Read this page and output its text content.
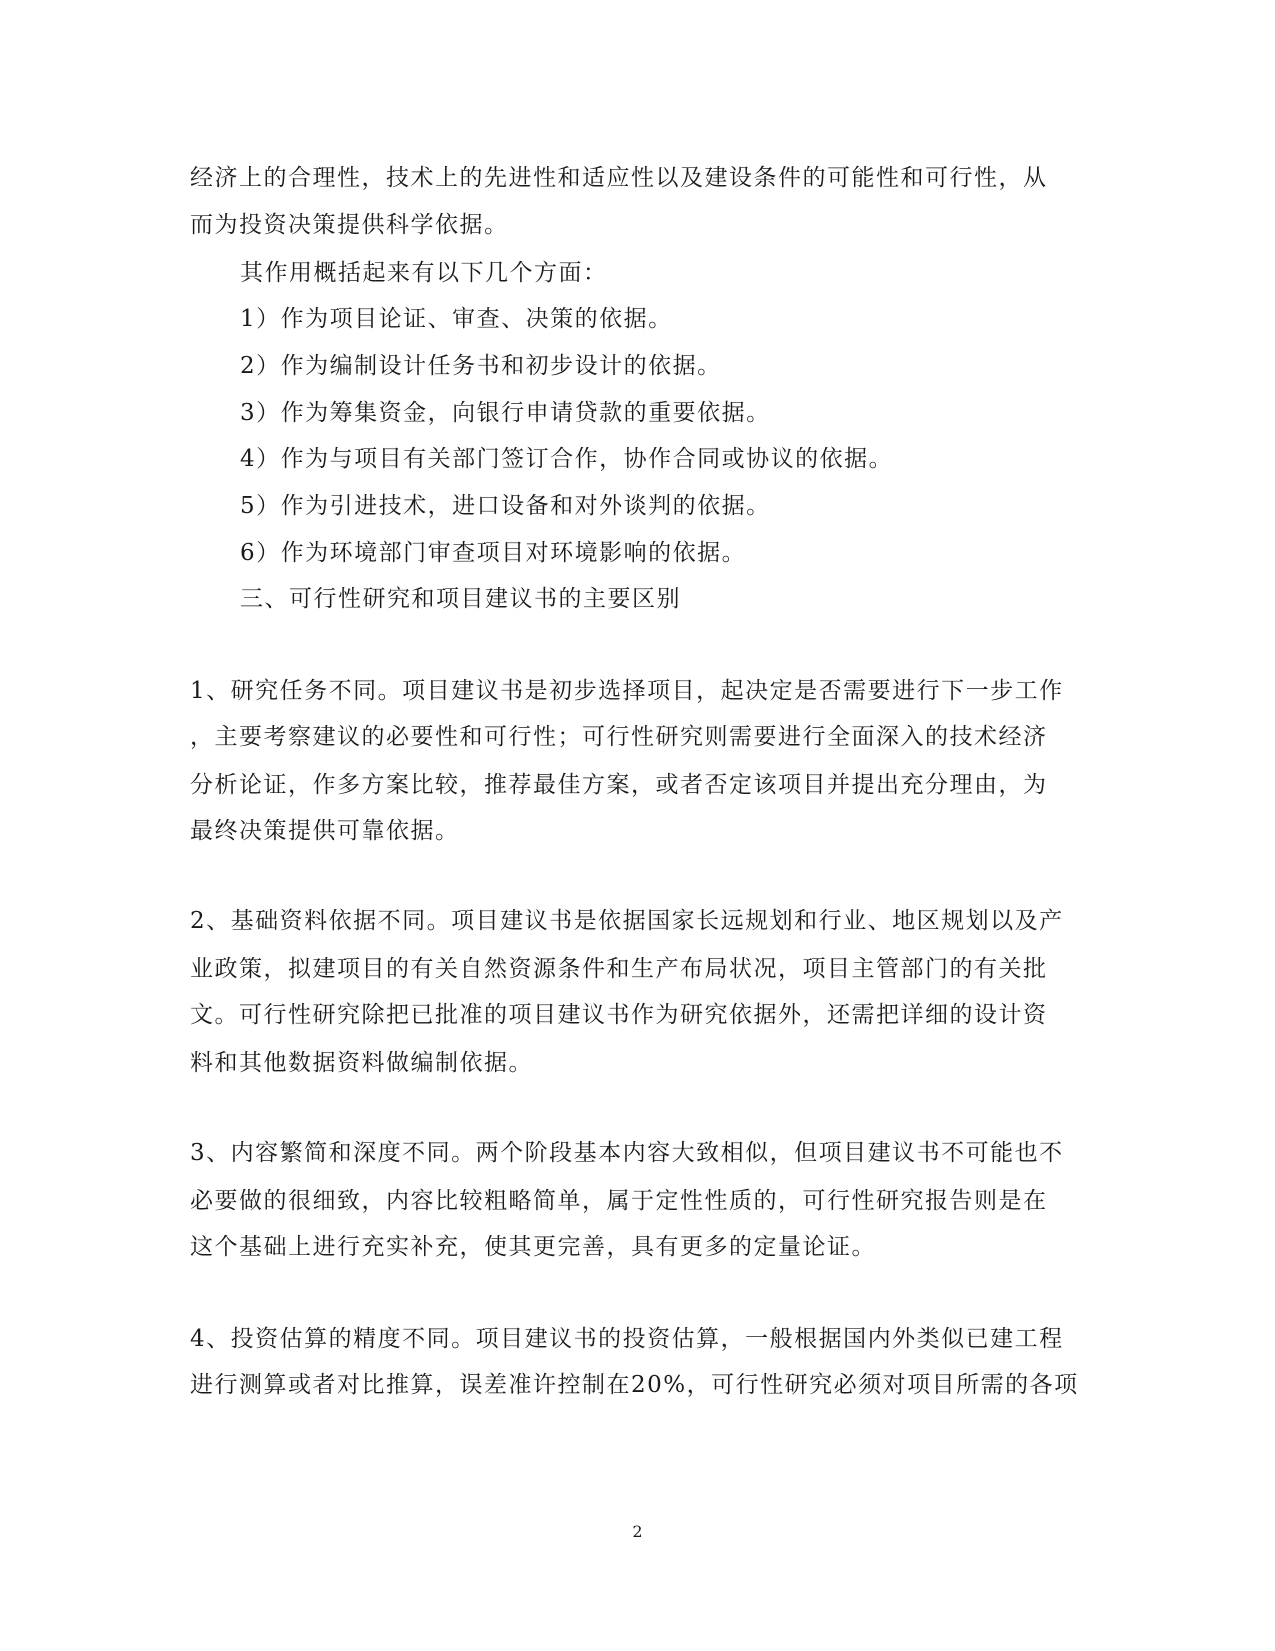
经济上的合理性，技术上的先进性和适应性以及建设条件的可能性和可行性，从
而为投资决策提供科学依据。
其作用概括起来有以下几个方面：
1）作为项目论证、审查、决策的依据。
2）作为编制设计任务书和初步设计的依据。
3）作为筹集资金，向银行申请贷款的重要依据。
4）作为与项目有关部门签订合作，协作合同或协议的依据。
5）作为引进技术，进口设备和对外谈判的依据。
6）作为环境部门审查项目对环境影响的依据。
三、可行性研究和项目建议书的主要区别
1、研究任务不同。项目建议书是初步选择项目，起决定是否需要进行下一步工作
，主要考察建议的必要性和可行性；可行性研究则需要进行全面深入的技术经济
分析论证，作多方案比较，推荐最佳方案，或者否定该项目并提出充分理由，为
最终决策提供可靠依据。
2、基础资料依据不同。项目建议书是依据国家长远规划和行业、地区规划以及产
业政策，拟建项目的有关自然资源条件和生产布局状况，项目主管部门的有关批
文。可行性研究除把已批准的项目建议书作为研究依据外，还需把详细的设计资
料和其他数据资料做编制依据。
3、内容繁简和深度不同。两个阶段基本内容大致相似，但项目建议书不可能也不
必要做的很细致，内容比较粗略简单，属于定性性质的，可行性研究报告则是在
这个基础上进行充实补充，使其更完善，具有更多的定量论证。
4、投资估算的精度不同。项目建议书的投资估算，一般根据国内外类似已建工程
进行测算或者对比推算，误差准许控制在20%，可行性研究必须对项目所需的各项
2
